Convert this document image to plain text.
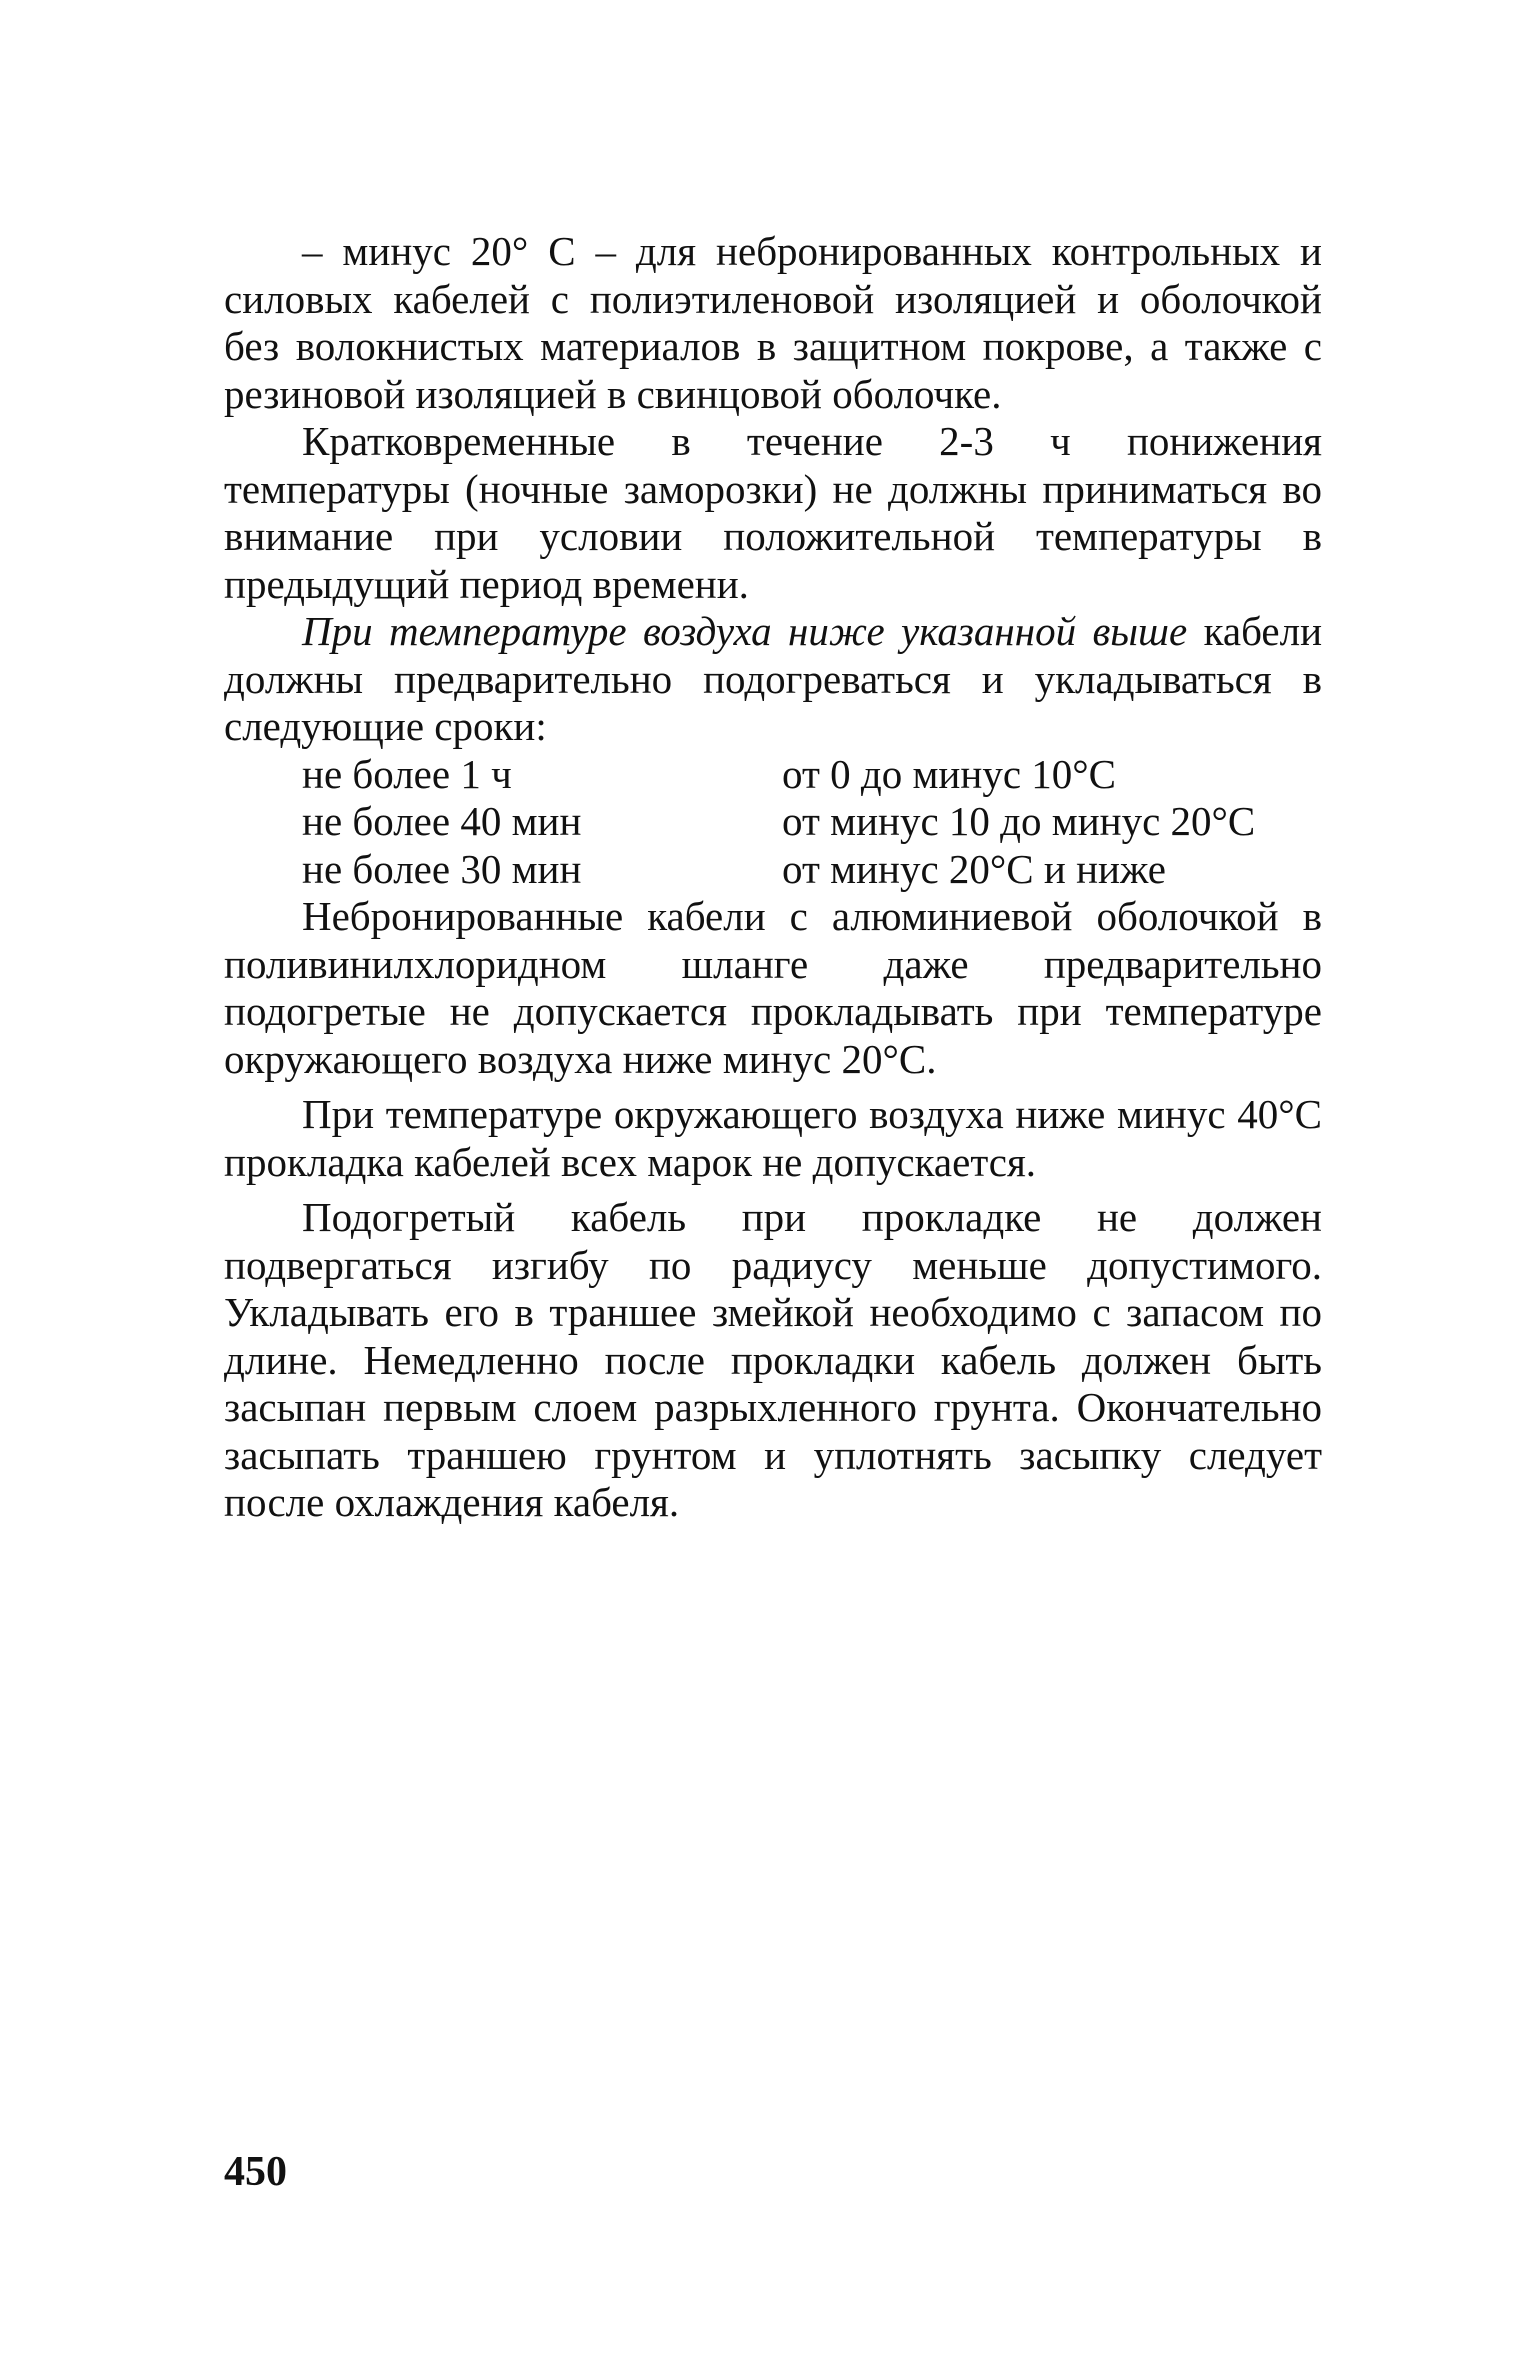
– минус 20° С – для небронированных контрольных и силовых кабелей с полиэтиленовой изоляцией и оболочкой без волокнистых материалов в защитном покрове, а также с резиновой изоляцией в свинцовой оболочке.

Кратковременные в течение 2-3 ч понижения температуры (ночные заморозки) не должны приниматься во внимание при условии положительной температуры в предыдущий период времени.

При температуре воздуха ниже указанной выше кабели должны предварительно подогреваться и укладываться в следующие сроки:

не более 1 ч	от 0 до минус 10°С
не более 40 мин	от минус 10 до минус 20°С
не более 30 мин	от минус 20°С и ниже

Небронированные кабели с алюминиевой оболочкой в поливинилхлоридном шланге даже предварительно подогретые не допускается прокладывать при температуре окружающего воздуха ниже минус 20°С.

При температуре окружающего воздуха ниже минус 40°С прокладка кабелей всех марок не допускается.

Подогретый кабель при прокладке не должен подвергаться изгибу по радиусу меньше допустимого. Укладывать его в траншее змейкой необходимо с запасом по длине. Немедленно после прокладки кабель должен быть засыпан первым слоем разрыхленного грунта. Окончательно засыпать траншею грунтом и уплотнять засыпку следует после охлаждения кабеля.

450
